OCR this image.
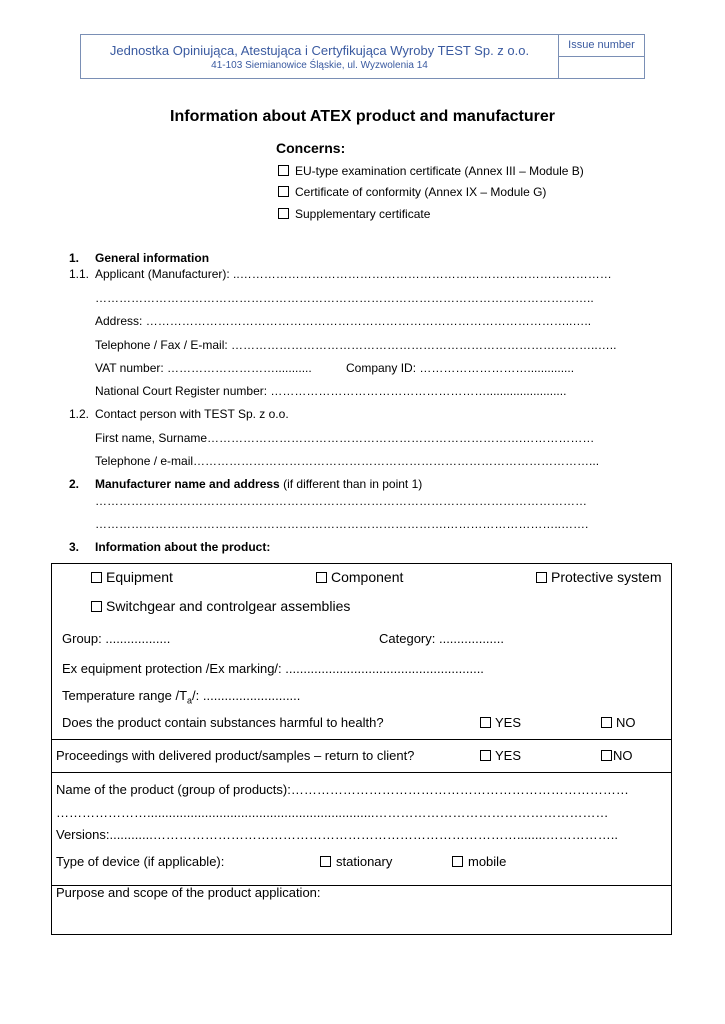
Jednostka Opiniująca, Atestująca i Certyfikująca Wyroby TEST Sp. z o.o.
41-103 Siemianowice Śląskie, ul. Wyzwolenia 14
Issue number
Information about ATEX product and manufacturer
Concerns:
EU-type examination certificate (Annex III – Module B)
Certificate of conformity (Annex IX – Module G)
Supplementary certificate
1. General information
1.1. Applicant (Manufacturer): ..…………………………………………………………………………………
……………………………………………………………………………………………………………..
Address: ……………………………………………………………………………………………..…..
Telephone / Fax / E-mail: ………………………………………………………………………………..…..
VAT number: ………………………...........	Company ID: ………………………..............
National Court Register number: ………………………………………………........................
1.2. Contact person with TEST Sp. z o.o.
First name, Surname…………………………………………………………………….………………
Telephone / e-mail………………………………………………………………………………………...
2. Manufacturer name and address (if different than in point 1)
……………………………………………………………………………………………………………
…………………………………………………………………………….………………………..…….
3. Information about the product:
Equipment	Component	Protective system
Switchgear and controlgear assemblies
Group: ..................	Category: ..................
Ex equipment protection /Ex marking/: .......................................................
Temperature range $/T_a/$: ...........................
Does the product contain substances harmful to health?	YES	NO
Proceedings with delivered product/samples – return to client?	YES	NO
Name of the product (group of products):……………………………………………………………………
…………………...............................................................………………………………………………
Versions:............…………………………………………………………………………........……………..
Type of device (if applicable):	stationary	mobile
Purpose and scope of the product application:
